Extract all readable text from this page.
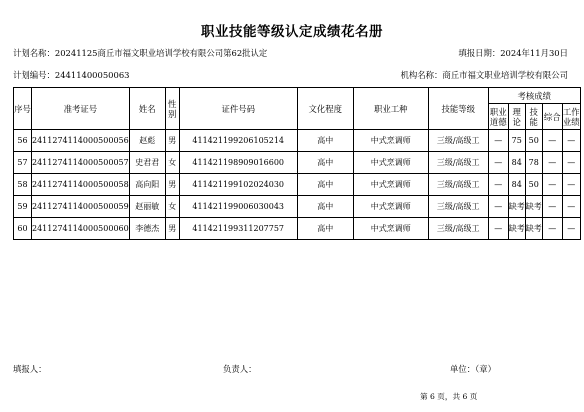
职业技能等级认定成绩花名册
计划名称：20241125商丘市福文职业培训学校有限公司第62批认定	填报日期：2024年11月30日
计划编号：24411400050063	机构名称：商丘市福文职业培训学校有限公司
序号	准考证号	姓名	性别	证件号码	文化程度	职业工种	技能等级	考核成绩				
								职业道德	理论	技能	综合	工作业绩
56	2411274114000500056	赵彪	男	411421199206105214	高中	中式烹调师	三级/高级工	—	75	50	—	—
57	2411274114000500057	史君君	女	411421198909016600	高中	中式烹调师	三级/高级工	—	84	78	—	—
58	2411274114000500058	高向阳	男	411421199102024030	高中	中式烹调师	三级/高级工	—	84	50	—	—
59	2411274114000500059	赵丽敏	女	411421199006030043	高中	中式烹调师	三级/高级工	—	缺考	缺考	—	—
60	2411274114000500060	李德杰	男	411421199311207757	高中	中式烹调师	三级/高级工	—	缺考	缺考	—	—
填报人：	负责人：	单位：（章）
第 6 页，共 6 页
